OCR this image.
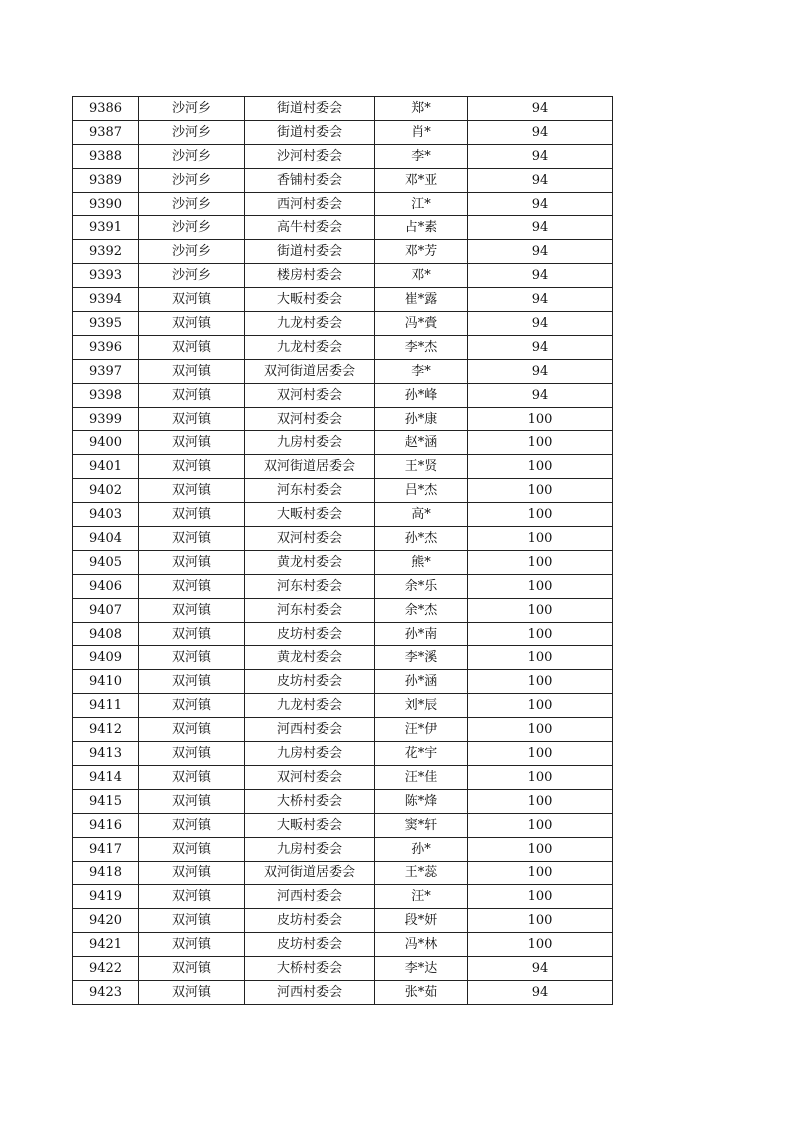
9386	沙河乡	街道村委会	郑*	94
9387	沙河乡	街道村委会	肖*	94
9388	沙河乡	沙河村委会	李*	94
9389	沙河乡	香铺村委会	邓*亚	94
9390	沙河乡	西河村委会	江*	94
9391	沙河乡	高牛村委会	占*素	94
9392	沙河乡	街道村委会	邓*芳	94
9393	沙河乡	楼房村委会	邓*	94
9394	双河镇	大畈村委会	崔*露	94
9395	双河镇	九龙村委会	冯*賫	94
9396	双河镇	九龙村委会	李*杰	94
9397	双河镇	双河街道居委会	李*	94
9398	双河镇	双河村委会	孙*峰	94
9399	双河镇	双河村委会	孙*康	100
9400	双河镇	九房村委会	赵*涵	100
9401	双河镇	双河街道居委会	王*贤	100
9402	双河镇	河东村委会	吕*杰	100
9403	双河镇	大畈村委会	高*	100
9404	双河镇	双河村委会	孙*杰	100
9405	双河镇	黄龙村委会	熊*	100
9406	双河镇	河东村委会	余*乐	100
9407	双河镇	河东村委会	余*杰	100
9408	双河镇	皮坊村委会	孙*南	100
9409	双河镇	黄龙村委会	李*溪	100
9410	双河镇	皮坊村委会	孙*涵	100
9411	双河镇	九龙村委会	刘*辰	100
9412	双河镇	河西村委会	汪*伊	100
9413	双河镇	九房村委会	花*宇	100
9414	双河镇	双河村委会	汪*佳	100
9415	双河镇	大桥村委会	陈*烽	100
9416	双河镇	大畈村委会	窦*轩	100
9417	双河镇	九房村委会	孙*	100
9418	双河镇	双河街道居委会	王*蕊	100
9419	双河镇	河西村委会	汪*	100
9420	双河镇	皮坊村委会	段*妍	100
9421	双河镇	皮坊村委会	冯*林	100
9422	双河镇	大桥村委会	李*达	94
9423	双河镇	河西村委会	张*茹	94
